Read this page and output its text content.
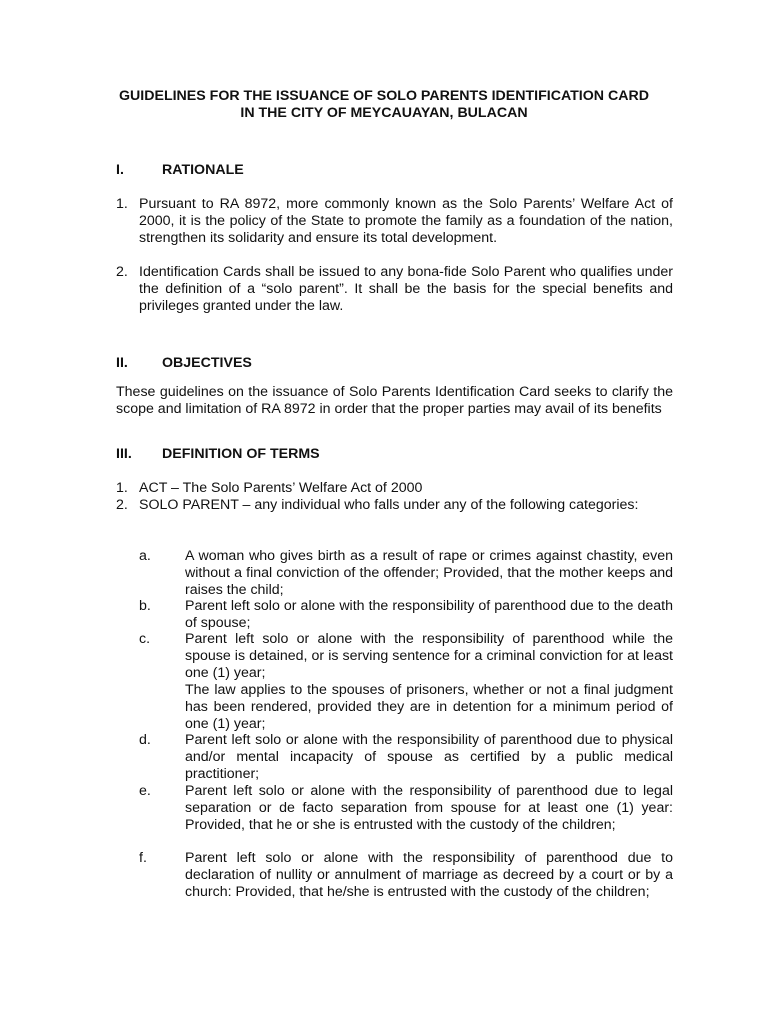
GUIDELINES FOR THE ISSUANCE OF SOLO PARENTS IDENTIFICATION CARD
IN THE CITY OF MEYCAUAYAN, BULACAN
I.	RATIONALE
1. Pursuant to RA 8972, more commonly known as the Solo Parents’ Welfare Act of 2000, it is the policy of the State to promote the family as a foundation of the nation, strengthen its solidarity and ensure its total development.
2. Identification Cards shall be issued to any bona-fide Solo Parent who qualifies under the definition of a “solo parent”. It shall be the basis for the special benefits and privileges granted under the law.
II. OBJECTIVES
These guidelines on the issuance of Solo Parents Identification Card seeks to clarify the scope and limitation of RA 8972 in order that the proper parties may avail of its benefits
III. DEFINITION OF TERMS
1. ACT – The Solo Parents’ Welfare Act of 2000
2. SOLO PARENT – any individual who falls under any of the following categories:
a. A woman who gives birth as a result of rape or crimes against chastity, even without a final conviction of the offender; Provided, that the mother keeps and raises the child;
b. Parent left solo or alone with the responsibility of parenthood due to the death of spouse;
c. Parent left solo or alone with the responsibility of parenthood while the spouse is detained, or is serving sentence for a criminal conviction for at least one (1) year;

The law applies to the spouses of prisoners, whether or not a final judgment has been rendered, provided they are in detention for a minimum period of one (1) year;

d. Parent left solo or alone with the responsibility of parenthood due to physical and/or mental incapacity of spouse as certified by a public medical practitioner;
e. Parent left solo or alone with the responsibility of parenthood due to legal separation or de facto separation from spouse for at least one (1) year: Provided, that he or she is entrusted with the custody of the children;
f.	Parent left solo or alone with the responsibility of parenthood due to declaration of nullity or annulment of marriage as decreed by a court or by a church: Provided, that he/she is entrusted with the custody of the children;
